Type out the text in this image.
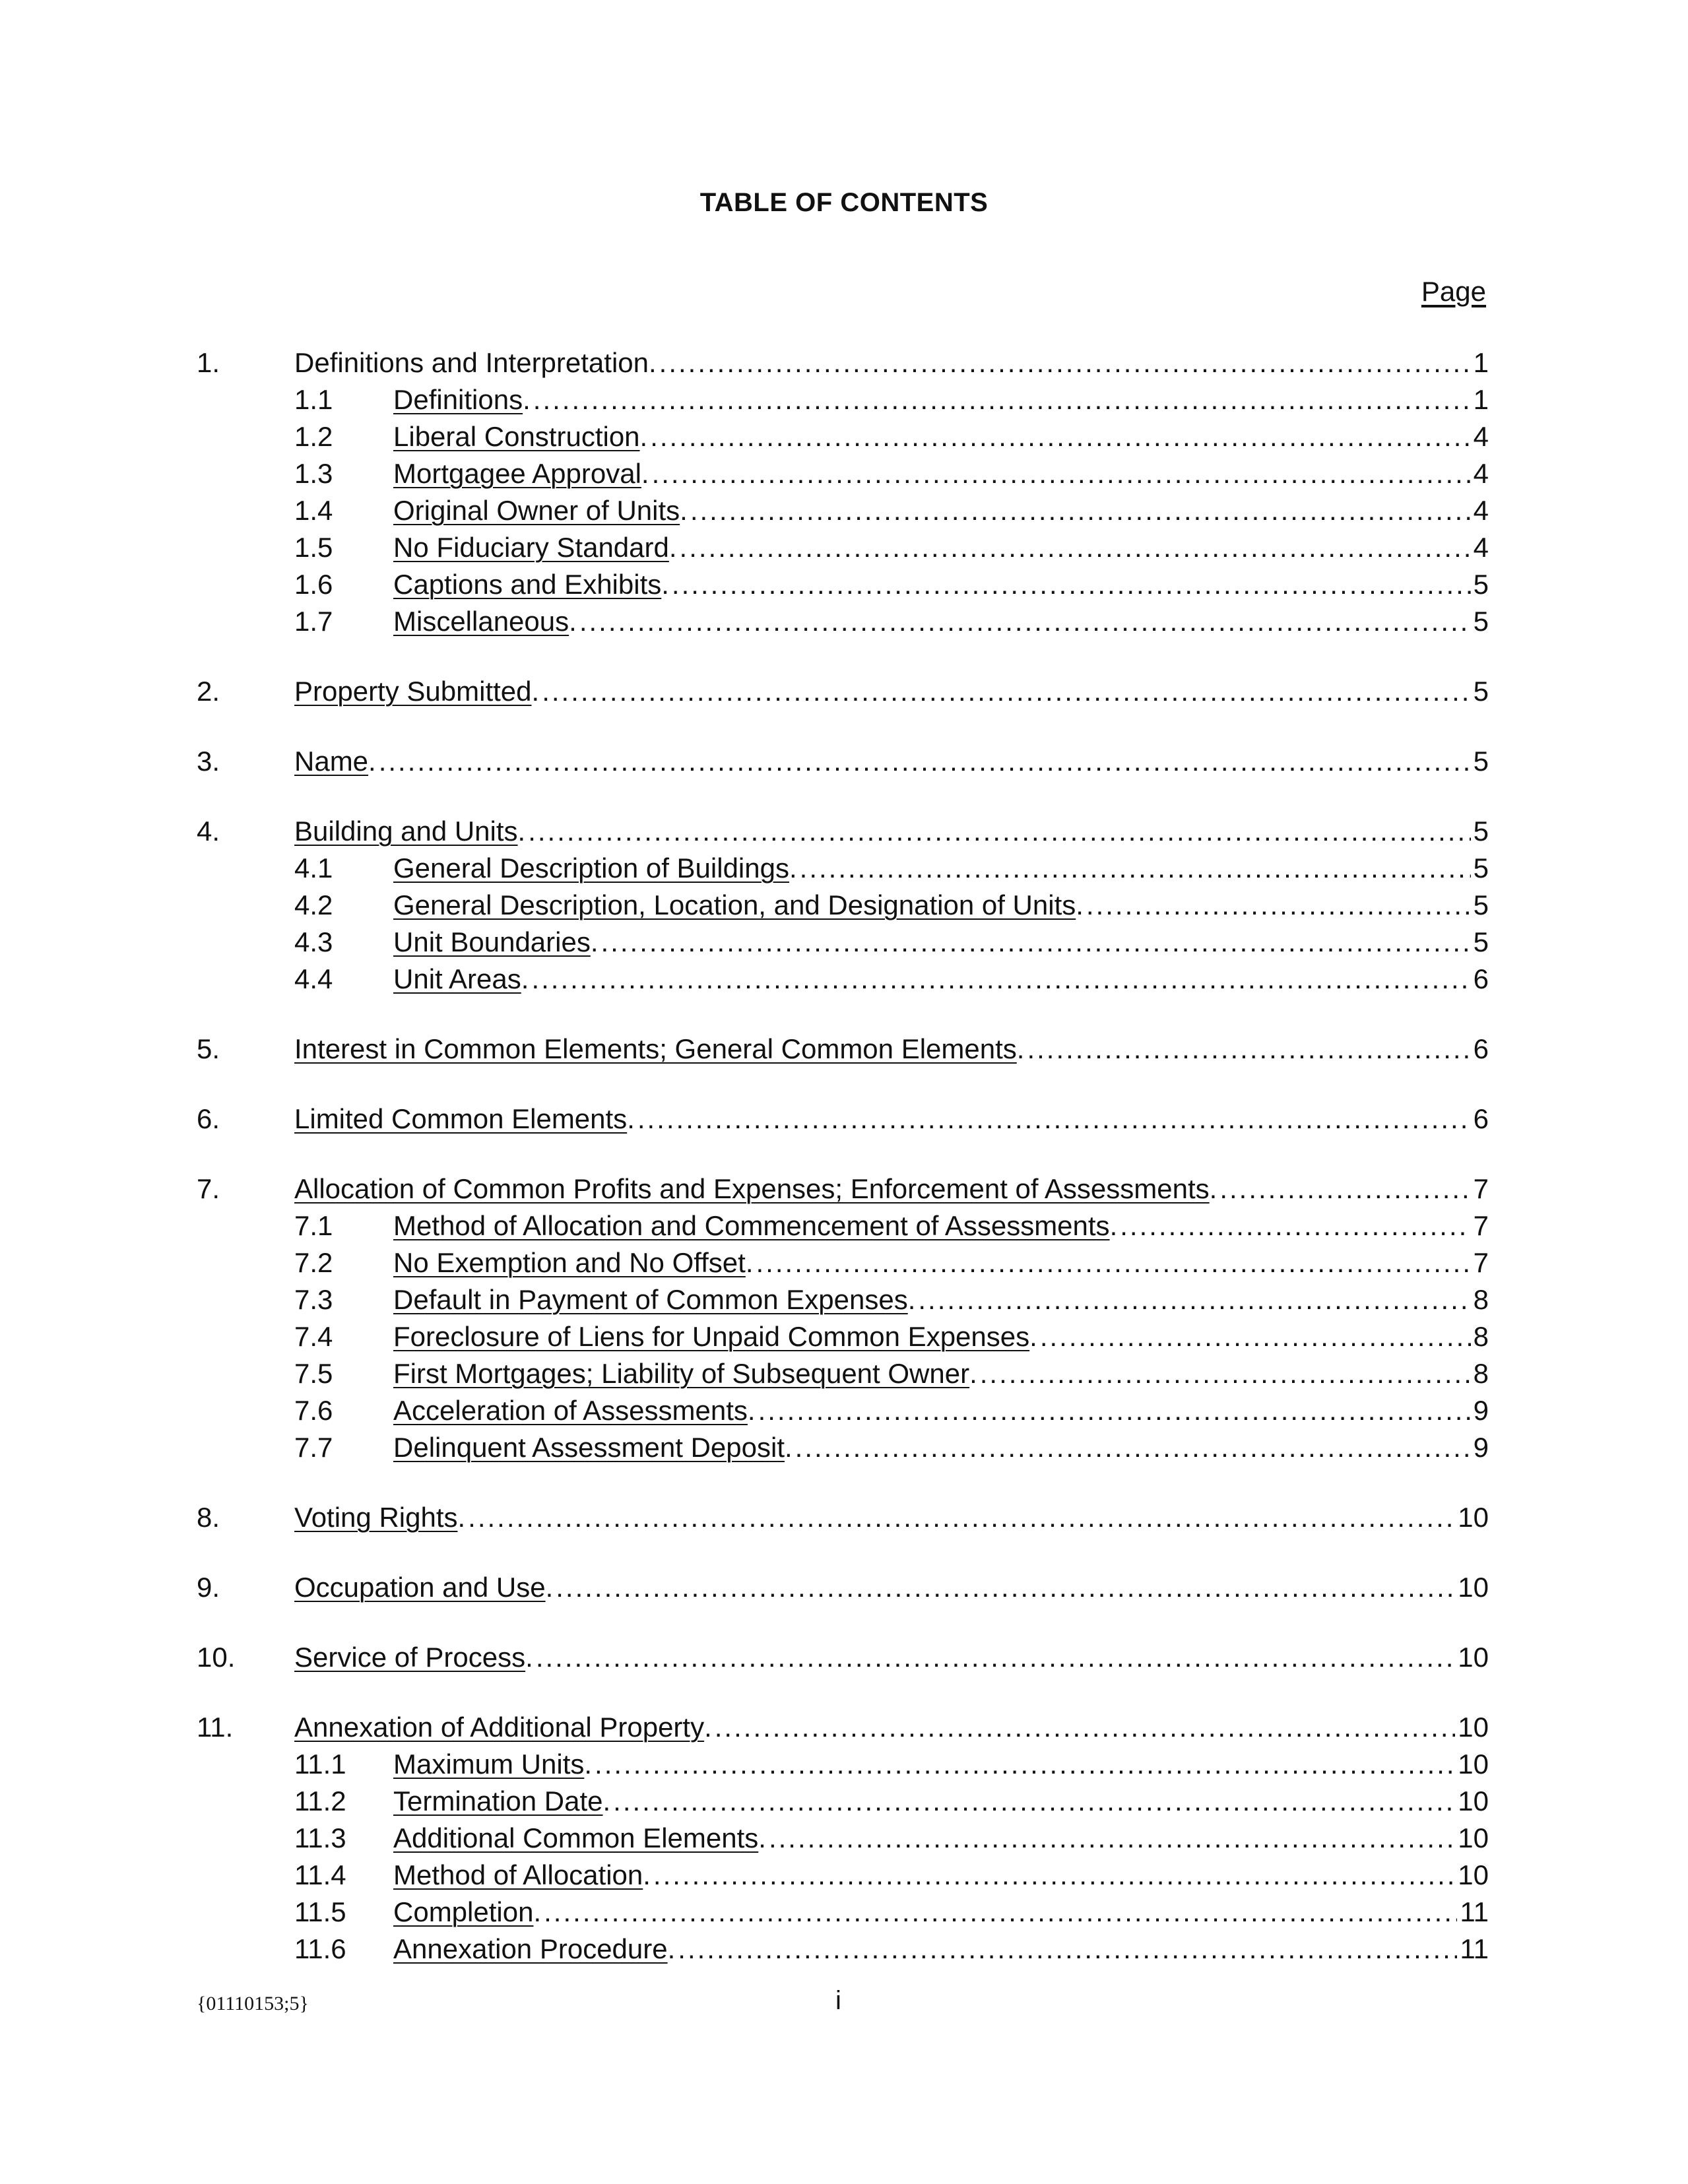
TABLE OF CONTENTS
Page
1.	Definitions and Interpretation . .....	1
1.1 Definitions . .....	1
1.2 Liberal Construction . .....	4
1.3 Mortgagee Approval . .....	4
1.4 Original Owner of Units . .....	4
1.5 No Fiduciary Standard . .....	4
1.6 Captions and Exhibits . .....	5
1.7 Miscellaneous . .....	5
2.	Property Submitted . .....	5
3.	Name . .....	5
4.	Building and Units . .....	5
4.1 General Description of Buildings . .....	5
4.2 General Description, Location, and Designation of Units . .....	5
4.3 Unit Boundaries . .....	5
4.4 Unit Areas . .....	6
5.	Interest in Common Elements; General Common Elements . .....	6
6.	Limited Common Elements . .....	6
7.	Allocation of Common Profits and Expenses; Enforcement of Assessments . .....	7
7.1 Method of Allocation and Commencement of Assessments . .....	7
7.2 No Exemption and No Offset . .....	7
7.3 Default in Payment of Common Expenses . .....	8
7.4 Foreclosure of Liens for Unpaid Common Expenses . .....	8
7.5 First Mortgages; Liability of Subsequent Owner . .....	8
7.6 Acceleration of Assessments . .....	9
7.7 Delinquent Assessment Deposit . .....	9
8.	Voting Rights . .....	10
9.	Occupation and Use . .....	10
10. Service of Process . .....	10
11. Annexation of Additional Property . .....	10
11.1 Maximum Units . .....	10
11.2 Termination Date . .....	10
11.3 Additional Common Elements . .....	10
11.4 Method of Allocation . .....	10
11.5 Completion . .....	11
11.6 Annexation Procedure . .....	11
{01110153;5}	i
